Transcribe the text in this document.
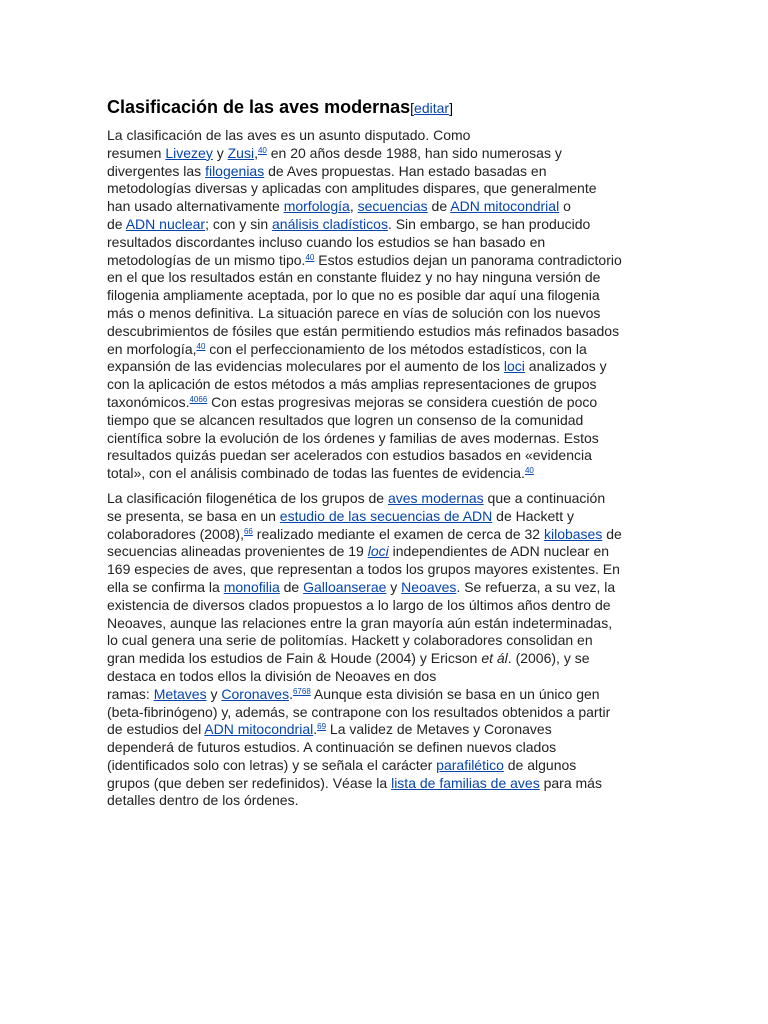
Clasificación de las aves modernas[editar]

La clasificación de las aves es un asunto disputado. Como
resumen Livezey y Zusi,$^{40}$ en 20 años desde 1988, han sido numerosas y
divergentes las filogenias de Aves propuestas. Han estado basadas en
metodologías diversas y aplicadas con amplitudes dispares, que generalmente
han usado alternativamente morfología, secuencias de ADN mitocondrial o
de ADN nuclear; con y sin análisis cladísticos. Sin embargo, se han producido
resultados discordantes incluso cuando los estudios se han basado en
metodologías de un mismo tipo.$^{40}$ Estos estudios dejan un panorama contradictorio
en el que los resultados están en constante fluidez y no hay ninguna versión de
filogenia ampliamente aceptada, por lo que no es posible dar aquí una filogenia
más o menos definitiva. La situación parece en vías de solución con los nuevos
descubrimientos de fósiles que están permitiendo estudios más refinados basados
en morfología,$^{40}$ con el perfeccionamiento de los métodos estadísticos, con la
expansión de las evidencias moleculares por el aumento de los loci analizados y
con la aplicación de estos métodos a más amplias representaciones de grupos
taxonómicos.$^{4066}$ Con estas progresivas mejoras se considera cuestión de poco
tiempo que se alcancen resultados que logren un consenso de la comunidad
científica sobre la evolución de los órdenes y familias de aves modernas. Estos
resultados quizás puedan ser acelerados con estudios basados en «evidencia
total», con el análisis combinado de todas las fuentes de evidencia.$^{40}$

La clasificación filogenética de los grupos de aves modernas que a continuación
se presenta, se basa en un estudio de las secuencias de ADN de Hackett y
colaboradores (2008),$^{66}$ realizado mediante el examen de cerca de 32 kilobases de
secuencias alineadas provenientes de 19 loci independientes de ADN nuclear en
169 especies de aves, que representan a todos los grupos mayores existentes. En
ella se confirma la monofilia de Galloanserae y Neoaves. Se refuerza, a su vez, la
existencia de diversos clados propuestos a lo largo de los últimos años dentro de
Neoaves, aunque las relaciones entre la gran mayoría aún están indeterminadas,
lo cual genera una serie de politomías. Hackett y colaboradores consolidan en
gran medida los estudios de Fain & Houde (2004) y Ericson et ál. (2006), y se
destaca en todos ellos la división de Neoaves en dos
ramas: Metaves y Coronaves.$^{6768}$ Aunque esta división se basa en un único gen
(beta-fibrinógeno) y, además, se contrapone con los resultados obtenidos a partir
de estudios del ADN mitocondrial.$^{69}$ La validez de Metaves y Coronaves
dependerá de futuros estudios. A continuación se definen nuevos clados
(identificados solo con letras) y se señala el carácter parafilético de algunos
grupos (que deben ser redefinidos). Véase la lista de familias de aves para más
detalles dentro de los órdenes.
